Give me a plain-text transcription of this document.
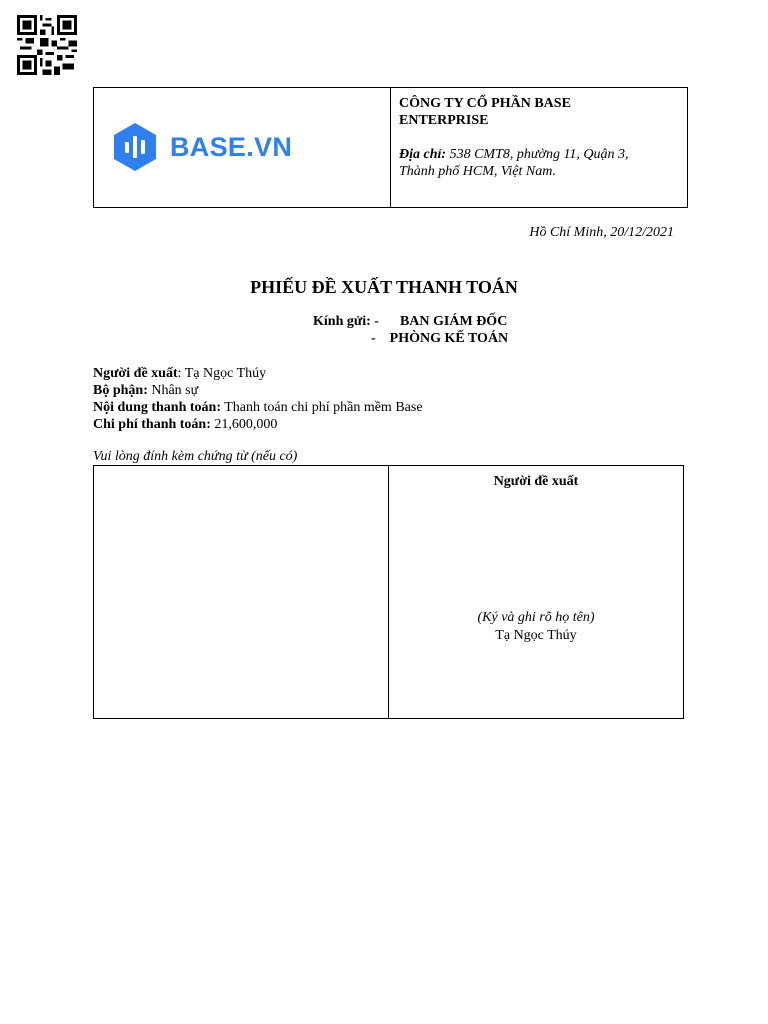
BASE.VN
CÔNG TY CỔ PHẦN BASE
ENTERPRISE
Địa chỉ: 538 CMT8, phường 11, Quận 3,
Thành phố HCM, Việt Nam.
Hồ Chí Minh, 20/12/2021
PHIẾU ĐỀ XUẤT THANH TOÁN
Kính gửi: -      BAN GIÁM ĐỐC
-    PHÒNG KẾ TOÁN
Người đề xuất: Tạ Ngọc Thúy
Bộ phận: Nhân sự
Nội dung thanh toán: Thanh toán chi phí phần mềm Base
Chi phí thanh toán: 21,600,000
Vui lòng đính kèm chứng từ (nếu có)
Người đề xuất
(Ký và ghi rõ họ tên)
Tạ Ngọc Thúy
